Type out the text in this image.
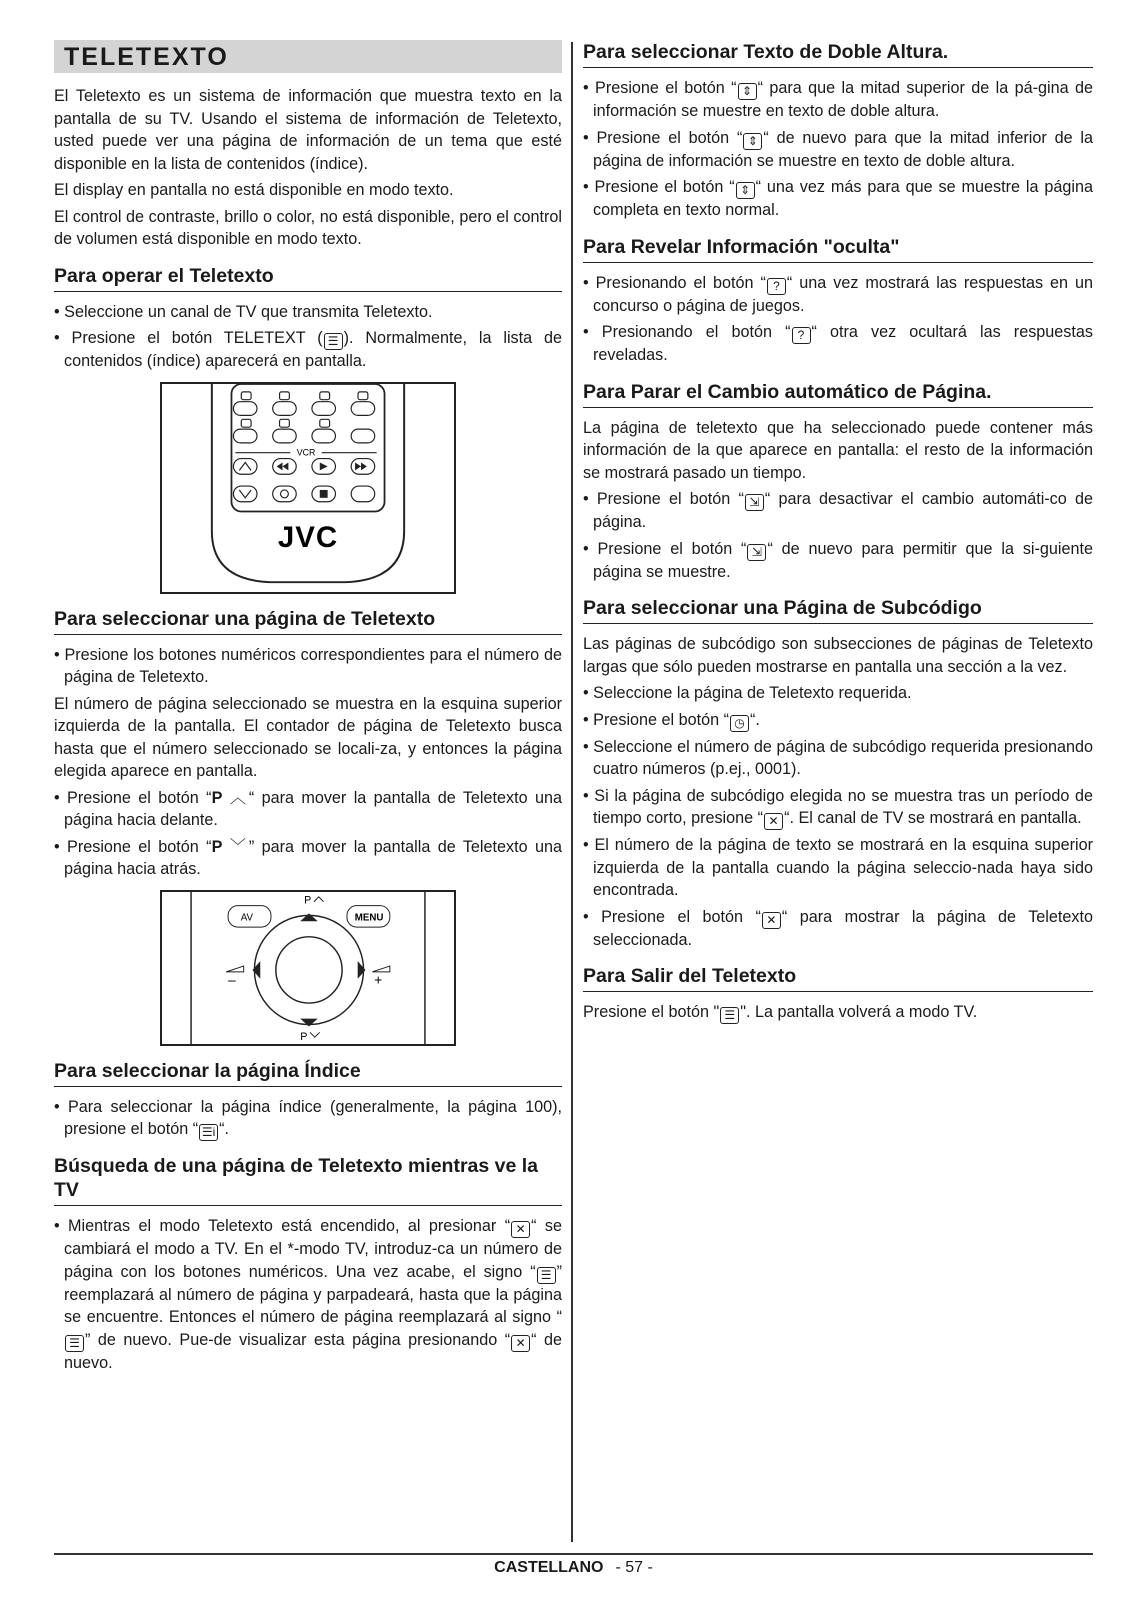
TELETEXTO

El Teletexto es un sistema de información que muestra texto en la pantalla de su TV. Usando el sistema de información de Teletexto, usted puede ver una página de información de un tema que esté disponible en la lista de contenidos (índice).

El display en pantalla no está disponible en modo texto.

El control de contraste, brillo o color, no está disponible, pero el control de volumen está disponible en modo texto.

Para operar el Teletexto

• Seleccione un canal de TV que transmita Teletexto.

• Presione el botón TELETEXT ( ☰ ). Normalmente, la lista de contenidos (índice) aparecerá en pantalla.

VCR
JVC
Para seleccionar una página de Teletexto

• Presione los botones numéricos correspondientes para el número de página de Teletexto.

El número de página seleccionado se muestra en la esquina superior izquierda de la pantalla. El contador de página de Teletexto busca hasta que el número seleccionado se locali-za, y entonces la página elegida aparece en pantalla.

• Presione el botón “P ︿“ para mover la pantalla de Teletexto una página hacia delante.

• Presione el botón “P ﹀” para mover la pantalla de Teletexto una página hacia atrás.

P
AV	MENU
–	+
P
Para seleccionar la página Índice

• Para seleccionar la página índice (generalmente, la página 100), presione el botón “ ☰i “.

Búsqueda de una página de Teletexto mientras ve la TV

• Mientras el modo Teletexto está encendido, al presionar “ ✕ “ se cambiará el modo a TV. En el *-modo TV, introduz-ca un número de página con los botones numéricos. Una vez acabe, el signo “ ☰ ” reemplazará al número de página y parpadeará, hasta que la página se encuentre. Entonces el número de página reemplazará al signo “☰ ” de nuevo. Pue-de visualizar esta página presionando “ ✕ “ de nuevo.

Para seleccionar Texto de Doble Altura.

• Presione el botón “ ⇕ “ para que la mitad superior de la pá-gina de información se muestre en texto de doble altura.

• Presione el botón “ ⇕ “ de nuevo para que la mitad inferior de la página de información se muestre en texto de doble altura.

• Presione el botón “ ⇕ “ una vez más para que se muestre la página completa en texto normal.

Para Revelar Información "oculta"

• Presionando el botón “ ? “ una vez mostrará las respuestas en un concurso o página de juegos.

• Presionando el botón “ ? “ otra vez ocultará las respuestas reveladas.

Para Parar el Cambio automático de Página.

La página de teletexto que ha seleccionado puede contener más información de la que aparece en pantalla: el resto de la información se mostrará pasado un tiempo.

• Presione el botón “ ⇲ “ para desactivar el cambio automáti-co de página.

• Presione el botón “ ⇲ “ de nuevo para permitir que la si-guiente página se muestre.

Para seleccionar una Página de Subcódigo

Las páginas de subcódigo son subsecciones de páginas de Teletexto largas que sólo pueden mostrarse en pantalla una sección a la vez.

• Seleccione la página de Teletexto requerida.

• Presione el botón “ ◷ “.

• Seleccione el número de página de subcódigo requerida presionando cuatro números (p.ej., 0001).

• Si la página de subcódigo elegida no se muestra tras un período de tiempo corto, presione “ ✕ “. El canal de TV se mostrará en pantalla.

• El número de la página de texto se mostrará en la esquina superior izquierda de la pantalla cuando la página seleccio-nada haya sido encontrada.

• Presione el botón “ ✕ “ para mostrar la página de Teletexto seleccionada.

Para Salir del Teletexto

Presione el botón " ☰ ". La pantalla volverá a modo TV.

CASTELLANO - 57 -
